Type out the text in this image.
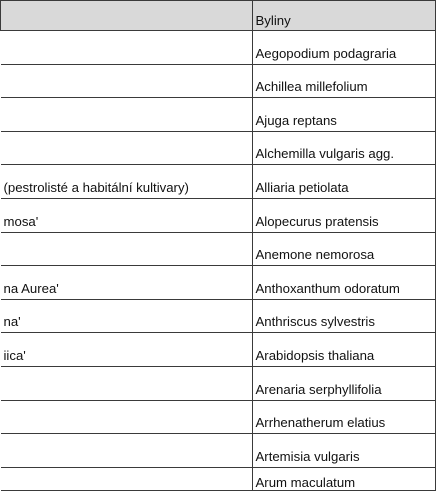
	Byliny
	Aegopodium podagraria
	Achillea millefolium
	Ajuga reptans
	Alchemilla vulgaris agg.
(pestrolisté a habitální kultivary)	Alliaria petiolata
mosa'	Alopecurus pratensis
	Anemone nemorosa
na Aurea'	Anthoxanthum odoratum
na'	Anthriscus sylvestris
iica'	Arabidopsis thaliana
	Arenaria serphyllifolia
	Arrhenatherum elatius
	Artemisia vulgaris
	Arum maculatum
